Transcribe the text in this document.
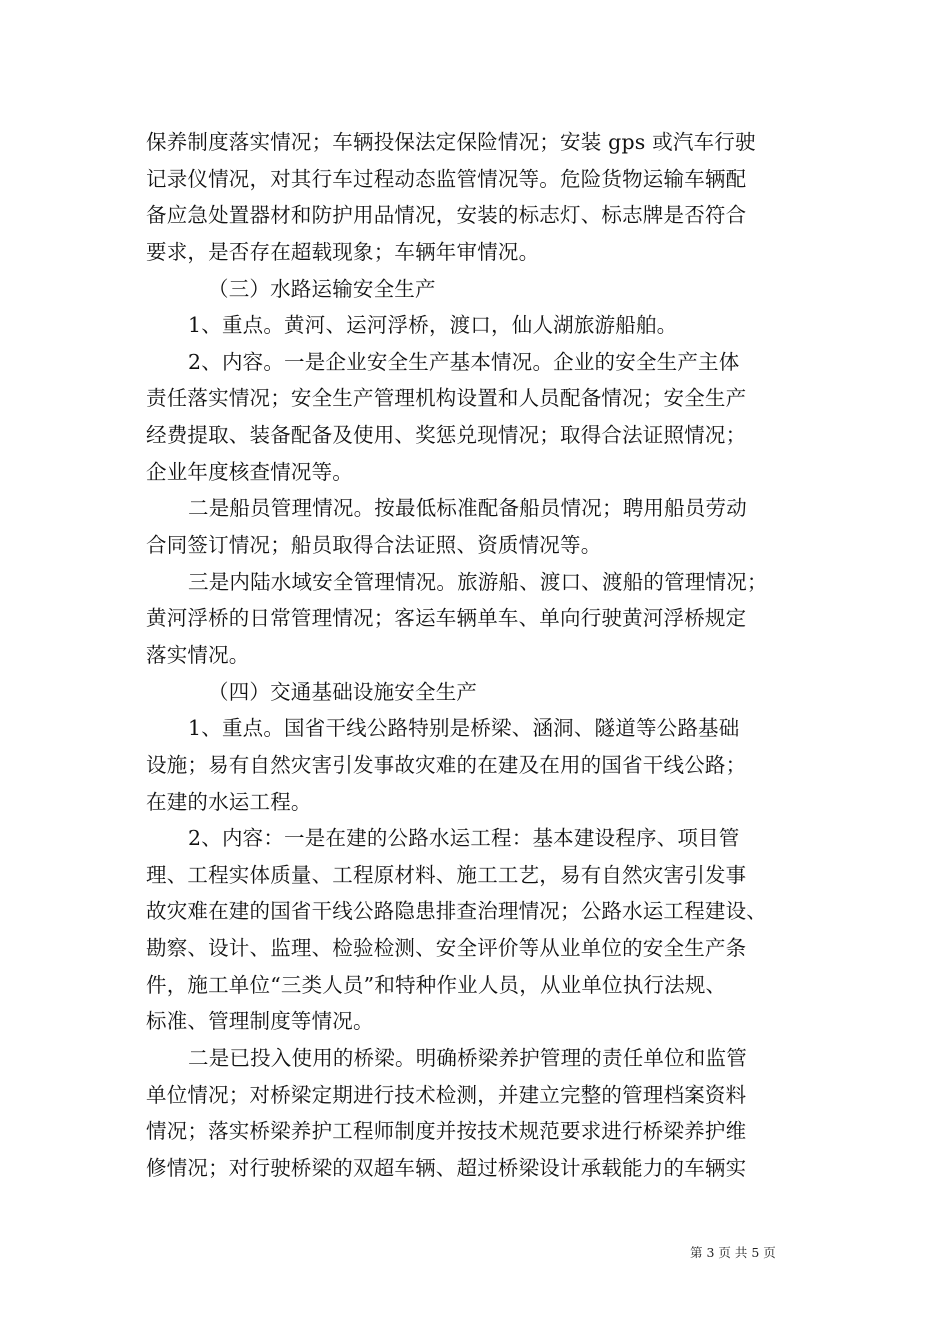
保养制度落实情况；车辆投保法定保险情况；安装 gps 或汽车行驶
记录仪情况，对其行车过程动态监管情况等。危险货物运输车辆配
备应急处置器材和防护用品情况，安装的标志灯、标志牌是否符合
要求，是否存在超载现象；车辆年审情况。
（三）水路运输安全生产
1、重点。黄河、运河浮桥，渡口，仙人湖旅游船舶。
2、内容。一是企业安全生产基本情况。企业的安全生产主体
责任落实情况；安全生产管理机构设置和人员配备情况；安全生产
经费提取、装备配备及使用、奖惩兑现情况；取得合法证照情况；
企业年度核查情况等。
二是船员管理情况。按最低标准配备船员情况；聘用船员劳动
合同签订情况；船员取得合法证照、资质情况等。
三是内陆水域安全管理情况。旅游船、渡口、渡船的管理情况；
黄河浮桥的日常管理情况；客运车辆单车、单向行驶黄河浮桥规定
落实情况。
（四）交通基础设施安全生产
1、重点。国省干线公路特别是桥梁、涵洞、隧道等公路基础
设施；易有自然灾害引发事故灾难的在建及在用的国省干线公路；
在建的水运工程。
2、内容：一是在建的公路水运工程：基本建设程序、项目管
理、工程实体质量、工程原材料、施工工艺，易有自然灾害引发事
故灾难在建的国省干线公路隐患排查治理情况；公路水运工程建设、
勘察、设计、监理、检验检测、安全评价等从业单位的安全生产条
件，施工单位“三类人员”和特种作业人员，从业单位执行法规、
标准、管理制度等情况。
二是已投入使用的桥梁。明确桥梁养护管理的责任单位和监管
单位情况；对桥梁定期进行技术检测，并建立完整的管理档案资料
情况；落实桥梁养护工程师制度并按技术规范要求进行桥梁养护维
修情况；对行驶桥梁的双超车辆、超过桥梁设计承载能力的车辆实
第 3 页 共 5 页
